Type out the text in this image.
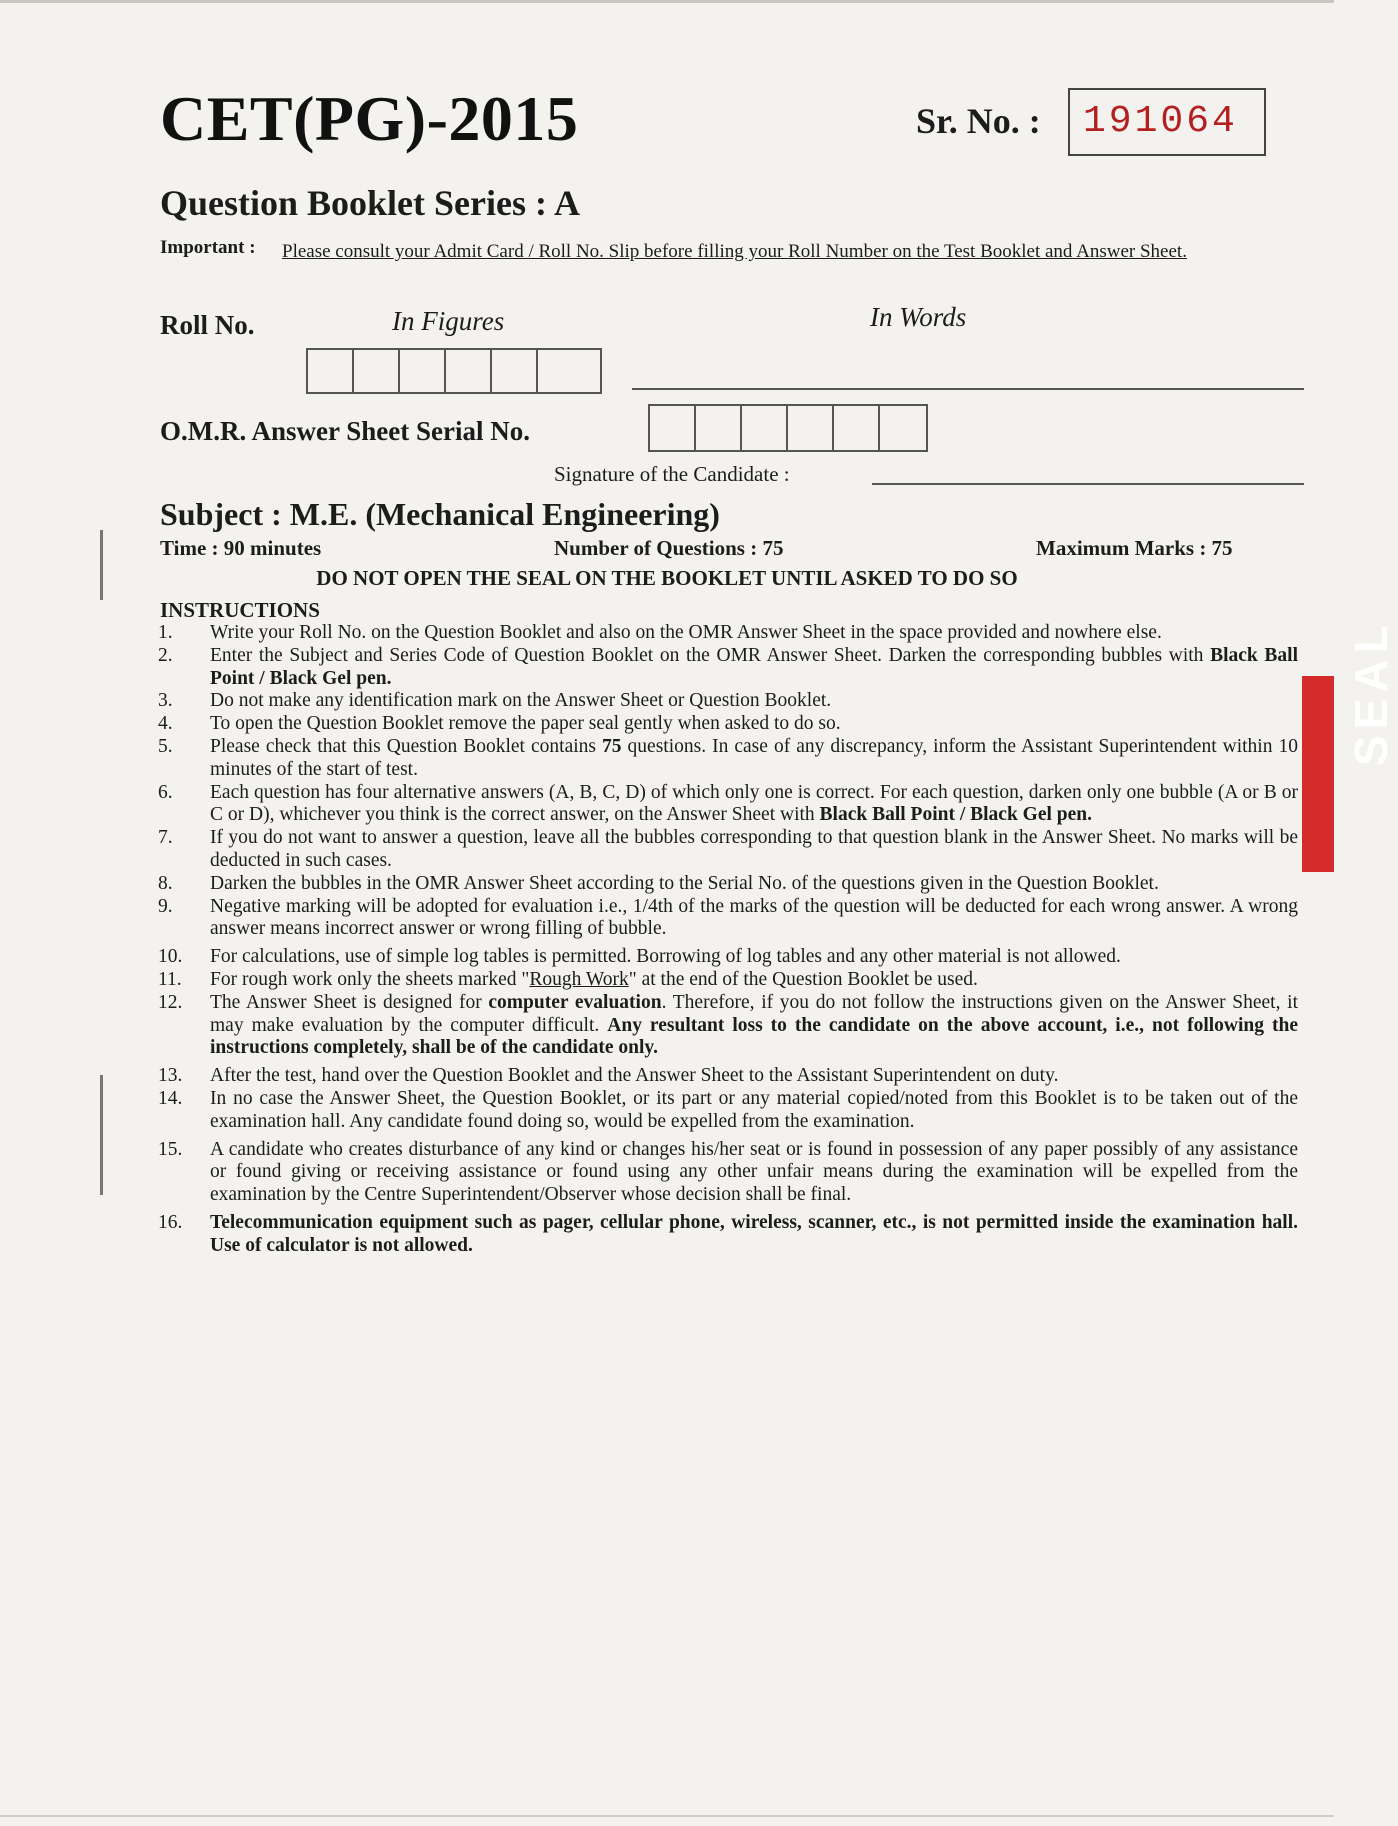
CET(PG)-2015	Sr. No. : 191064
Question Booklet Series : A
Important : Please consult your Admit Card / Roll No. Slip before filling your Roll Number on the Test Booklet and Answer Sheet.
Roll No.	In Figures	In Words
O.M.R. Answer Sheet Serial No.
Signature of the Candidate :
Subject : M.E. (Mechanical Engineering)
Time : 90 minutes	Number of Questions : 75	Maximum Marks : 75
DO NOT OPEN THE SEAL ON THE BOOKLET UNTIL ASKED TO DO SO
INSTRUCTIONS
1.	Write your Roll No. on the Question Booklet and also on the OMR Answer Sheet in the space provided and nowhere else.
2.	Enter the Subject and Series Code of Question Booklet on the OMR Answer Sheet. Darken the corresponding bubbles with Black Ball Point / Black Gel pen.
3.	Do not make any identification mark on the Answer Sheet or Question Booklet.
4.	To open the Question Booklet remove the paper seal gently when asked to do so.
5.	Please check that this Question Booklet contains 75 questions. In case of any discrepancy, inform the Assistant Superintendent within 10 minutes of the start of test.
6.	Each question has four alternative answers (A, B, C, D) of which only one is correct. For each question, darken only one bubble (A or B or C or D), whichever you think is the correct answer, on the Answer Sheet with Black Ball Point / Black Gel pen.
7.	If you do not want to answer a question, leave all the bubbles corresponding to that question blank in the Answer Sheet. No marks will be deducted in such cases.
8.	Darken the bubbles in the OMR Answer Sheet according to the Serial No. of the questions given in the Question Booklet.
9.	Negative marking will be adopted for evaluation i.e., 1/4th of the marks of the question will be deducted for each wrong answer. A wrong answer means incorrect answer or wrong filling of bubble.
10.	For calculations, use of simple log tables is permitted. Borrowing of log tables and any other material is not allowed.
11.	For rough work only the sheets marked "Rough Work" at the end of the Question Booklet be used.
12.	The Answer Sheet is designed for computer evaluation. Therefore, if you do not follow the instructions given on the Answer Sheet, it may make evaluation by the computer difficult. Any resultant loss to the candidate on the above account, i.e., not following the instructions completely, shall be of the candidate only.
13.	After the test, hand over the Question Booklet and the Answer Sheet to the Assistant Superintendent on duty.
14.	In no case the Answer Sheet, the Question Booklet, or its part or any material copied/noted from this Booklet is to be taken out of the examination hall. Any candidate found doing so, would be expelled from the examination.
15.	A candidate who creates disturbance of any kind or changes his/her seat or is found in possession of any paper possibly of any assistance or found giving or receiving assistance or found using any other unfair means during the examination will be expelled from the examination by the Centre Superintendent/Observer whose decision shall be final.
16.	Telecommunication equipment such as pager, cellular phone, wireless, scanner, etc., is not permitted inside the examination hall. Use of calculator is not allowed.
SEAL
